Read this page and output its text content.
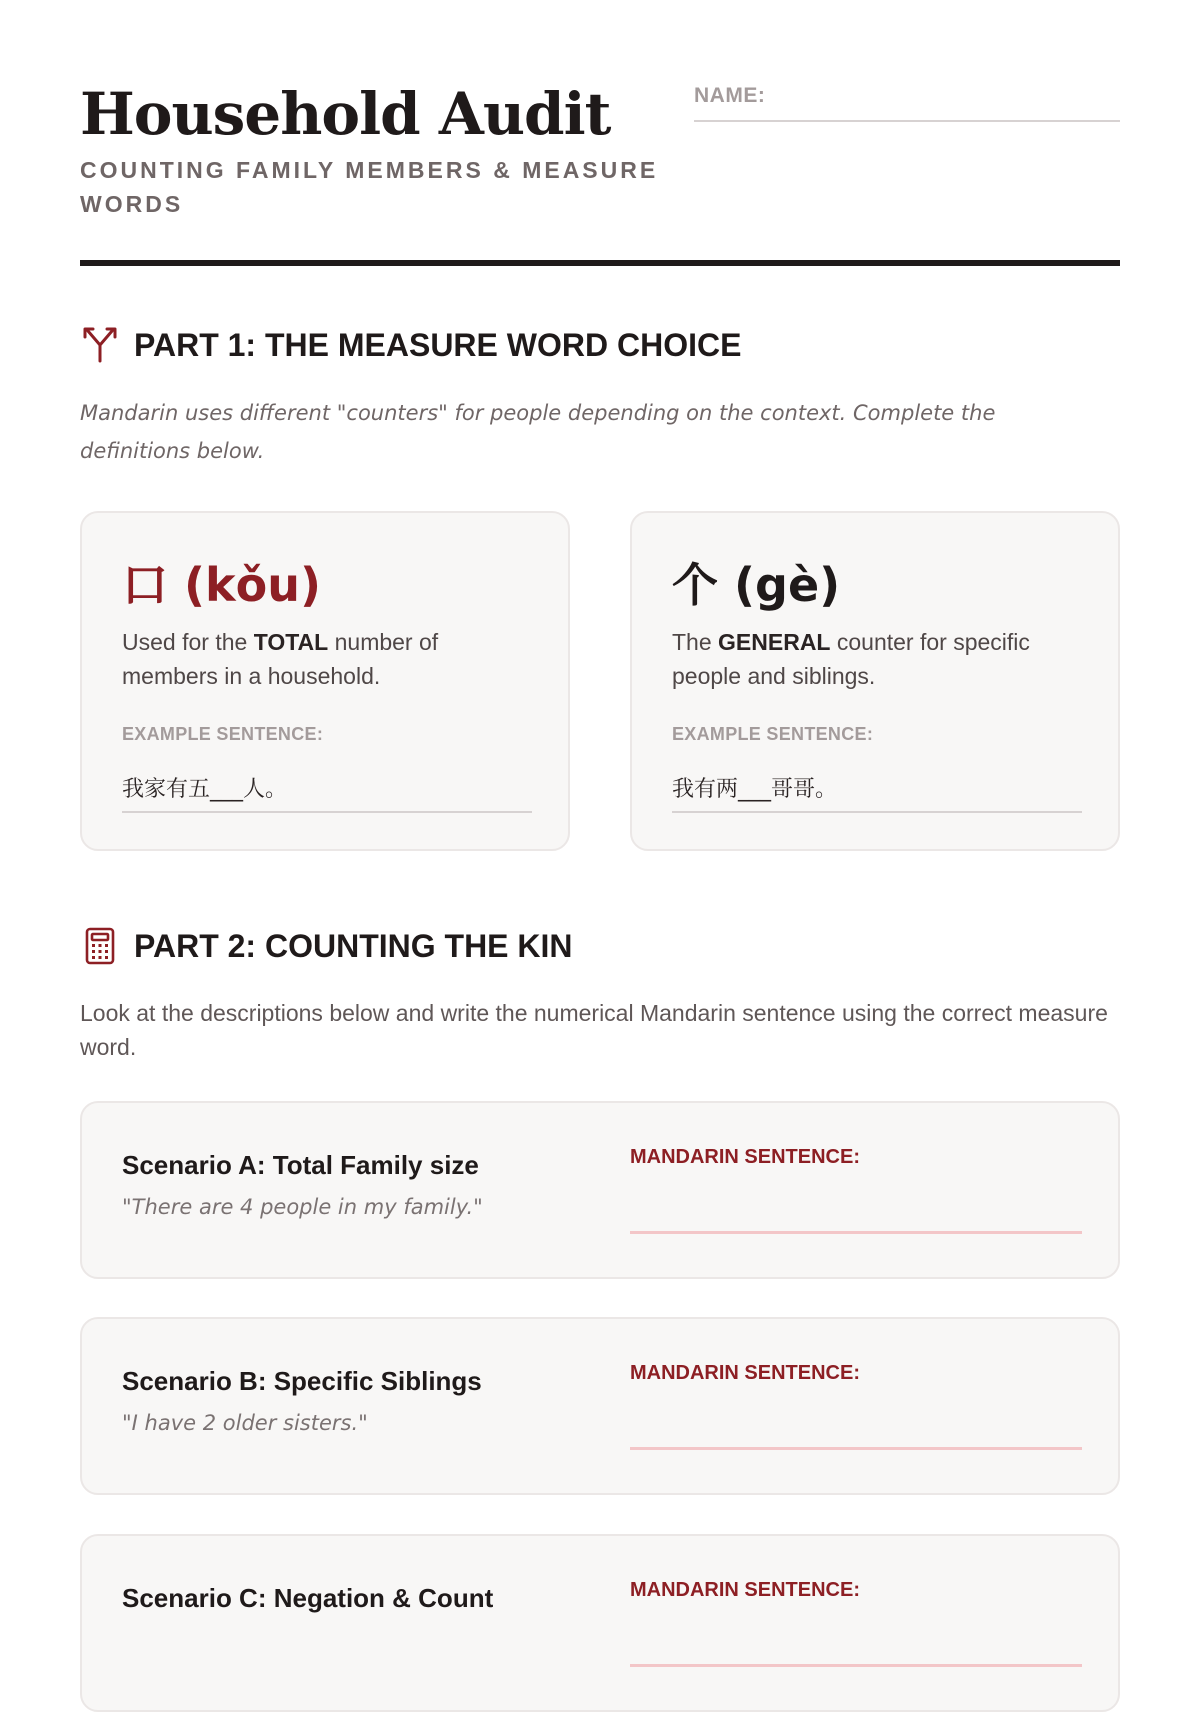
Household Audit
COUNTING FAMILY MEMBERS & MEASURE WORDS
NAME:
PART 1: THE MEASURE WORD CHOICE
Mandarin uses different "counters" for people depending on the context. Complete the definitions below.
口 (kǒu)
Used for the TOTAL number of members in a household.
EXAMPLE SENTENCE:
我家有五___人。
个 (gè)
The GENERAL counter for specific people and siblings.
EXAMPLE SENTENCE:
我有两___哥哥。
PART 2: COUNTING THE KIN
Look at the descriptions below and write the numerical Mandarin sentence using the correct measure word.
Scenario A: Total Family size
"There are 4 people in my family."
MANDARIN SENTENCE:
Scenario B: Specific Siblings
"I have 2 older sisters."
MANDARIN SENTENCE:
Scenario C: Negation & Count	MANDARIN SENTENCE:
